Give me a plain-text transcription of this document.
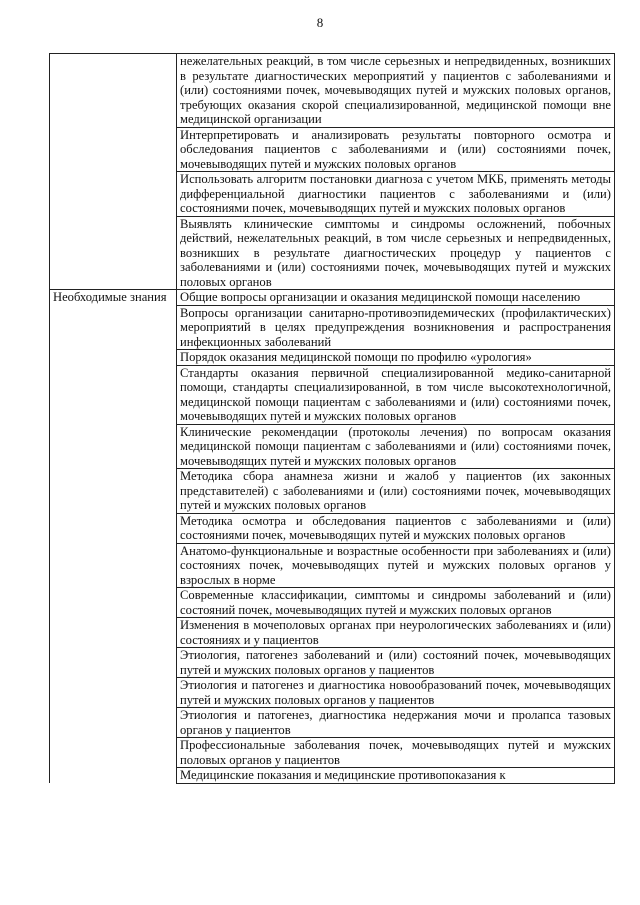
8
	нежелательных реакций, в том числе серьезных и непредвиденных, возникших в результате диагностических мероприятий у пациентов с заболеваниями и (или) состояниями почек, мочевыводящих путей и мужских половых органов, требующих оказания скорой специализированной, медицинской помощи вне медицинской организации
	Интерпретировать и анализировать результаты повторного осмотра и обследования пациентов с заболеваниями и (или) состояниями почек, мочевыводящих путей и мужских половых органов
	Использовать алгоритм постановки диагноза с учетом МКБ, применять методы дифференциальной диагностики пациентов с заболеваниями и (или) состояниями почек, мочевыводящих путей и мужских половых органов
	Выявлять клинические симптомы и синдромы осложнений, побочных действий, нежелательных реакций, в том числе серьезных и непредвиденных, возникших в результате диагностических процедур у пациентов с заболеваниями и (или) состояниями почек, мочевыводящих путей и мужских половых органов
Необходимые знания	Общие вопросы организации и оказания медицинской помощи населению
	Вопросы организации санитарно-противоэпидемических (профилактических) мероприятий в целях предупреждения возникновения и распространения инфекционных заболеваний
	Порядок оказания медицинской помощи по профилю «урология»
	Стандарты оказания первичной специализированной медико-санитарной помощи, стандарты специализированной, в том числе высокотехнологичной, медицинской помощи пациентам с заболеваниями и (или) состояниями почек, мочевыводящих путей и мужских половых органов
	Клинические рекомендации (протоколы лечения) по вопросам оказания медицинской помощи пациентам с заболеваниями и (или) состояниями почек, мочевыводящих путей и мужских половых органов
	Методика сбора анамнеза жизни и жалоб у пациентов (их законных представителей) с заболеваниями и (или) состояниями почек, мочевыводящих путей и мужских половых органов
	Методика осмотра и обследования пациентов с заболеваниями и (или) состояниями почек, мочевыводящих путей и мужских половых органов
	Анатомо-функциональные и возрастные особенности при заболеваниях и (или) состояниях почек, мочевыводящих путей и мужских половых органов у взрослых в норме
	Современные классификации, симптомы и синдромы заболеваний и (или) состояний почек, мочевыводящих путей и мужских половых органов
	Изменения в мочеполовых органах при неурологических заболеваниях и (или) состояниях и у пациентов
	Этиология, патогенез заболеваний и (или) состояний почек, мочевыводящих путей и мужских половых органов у пациентов
	Этиология и патогенез и диагностика новообразований почек, мочевыводящих путей и мужских половых органов у пациентов
	Этиология и патогенез, диагностика недержания мочи и пролапса тазовых органов у пациентов
	Профессиональные заболевания почек, мочевыводящих путей и мужских половых органов у пациентов
	Медицинские показания и медицинские противопоказания к
